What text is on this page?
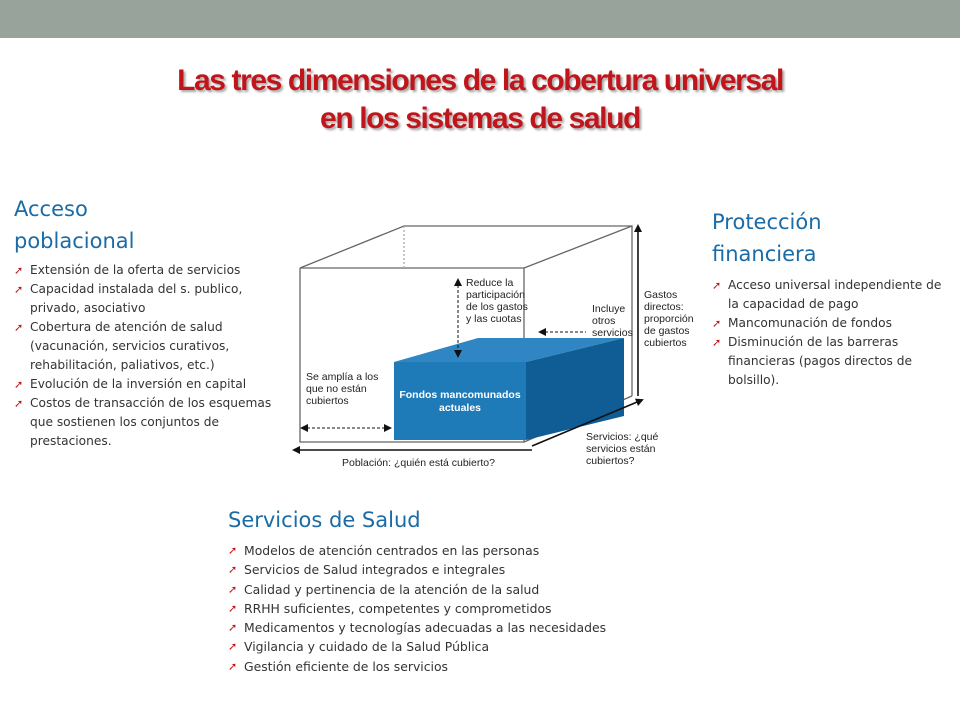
Las tres dimensiones de la cobertura universal
en los sistemas de salud
Acceso
poblacional
➚ Extensión de la oferta de servicios
➚ Capacidad instalada del s. publico, privado, asociativo
➚ Cobertura de atención de salud (vacunación, servicios curativos, rehabilitación, paliativos, etc.)
➚ Evolución de la inversión en capital
➚ Costos de transacción de los esquemas que sostienen los conjuntos de prestaciones.
Protección
financiera
➚ Acceso universal independiente de la capacidad de pago
➚ Mancomunación de fondos
➚ Disminución de las barreras financieras (pagos directos de bolsillo).
Servicios de Salud
➚ Modelos de atención centrados en las personas
➚ Servicios de Salud integrados e integrales
➚ Calidad y pertinencia de la atención de la salud
➚ RRHH suficientes, competentes y comprometidos
➚ Medicamentos y tecnologías adecuadas a las necesidades
➚ Vigilancia y cuidado de la Salud Pública
➚ Gestión eficiente de los servicios
Fondos mancomunados
actuales
Reduce la participación de los gastos y las cuotas
Incluye otros servicios
Gastos directos: proporción de gastos cubiertos
Se amplía a los que no están cubiertos
Servicios: ¿qué servicios están cubiertos?
Población: ¿quién está cubierto?
